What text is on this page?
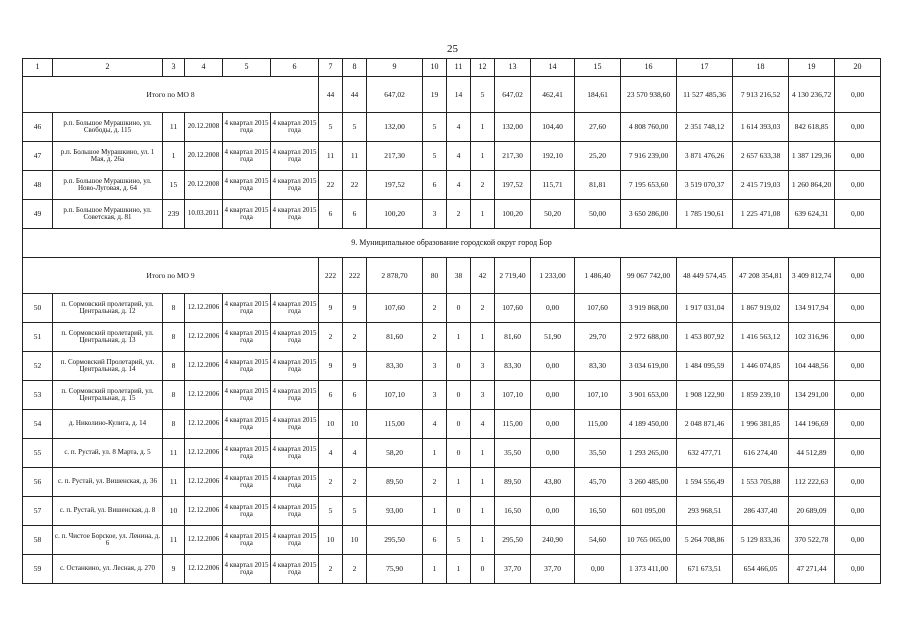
25
1	2	3	4	5	6	7	8	9	10	11	12	13	14	15	16	17	18	19	20
Итого по МО 8						44	44	647,02	19	14	5	647,02	462,41	184,61	23 570 938,60	11 527 485,36	7 913 216,52	4 130 236,72	0,00
46	р.п. Большое Мурашкино, ул. Свободы, д. 115	11	20.12.2008	4 квартал 2015 года	4 квартал 2015 года	5	5	132,00	5	4	1	132,00	104,40	27,60	4 808 760,00	2 351 748,12	1 614 393,03	842 618,85	0,00
47	р.п. Большое Мурашкино, ул. 1 Мая, д. 26а	1	20.12.2008	4 квартал 2015 года	4 квартал 2015 года	11	11	217,30	5	4	1	217,30	192,10	25,20	7 916 239,00	3 871 476,26	2 657 633,38	1 387 129,36	0,00
48	р.п. Большое Мурашкино, ул. Ново-Луговая, д. 64	15	20.12.2008	4 квартал 2015 года	4 квартал 2015 года	22	22	197,52	6	4	2	197,52	115,71	81,81	7 195 653,60	3 519 070,37	2 415 719,03	1 260 864,20	0,00
49	р.п. Большое Мурашкино, ул. Советская, д. 81	239	10.03.2011	4 квартал 2015 года	4 квартал 2015 года	6	6	100,20	3	2	1	100,20	50,20	50,00	3 650 286,00	1 785 190,61	1 225 471,08	639 624,31	0,00
9. Муниципальное образование городской округ город Бор																			
Итого по МО 9						222	222	2 878,70	80	38	42	2 719,40	1 233,00	1 486,40	99 067 742,00	48 449 574,45	47 208 354,81	3 409 812,74	0,00
50	п. Сормовский пролетарий, ул. Центральная, д. 12	8	12.12.2006	4 квартал 2015 года	4 квартал 2015 года	9	9	107,60	2	0	2	107,60	0,00	107,60	3 919 868,00	1 917 031,04	1 867 919,02	134 917,94	0,00
51	п. Сормовский пролетарий, ул. Центральная, д. 13	8	12.12.2006	4 квартал 2015 года	4 квартал 2015 года	2	2	81,60	2	1	1	81,60	51,90	29,70	2 972 688,00	1 453 807,92	1 416 563,12	102 316,96	0,00
52	п. Сормовский Пролетарий, ул. Центральная, д. 14	8	12.12.2006	4 квартал 2015 года	4 квартал 2015 года	9	9	83,30	3	0	3	83,30	0,00	83,30	3 034 619,00	1 484 095,59	1 446 074,85	104 448,56	0,00
53	п. Сормовский пролетарий, ул. Центральная, д. 15	8	12.12.2006	4 квартал 2015 года	4 квартал 2015 года	6	6	107,10	3	0	3	107,10	0,00	107,10	3 901 653,00	1 908 122,90	1 859 239,10	134 291,00	0,00
54	д. Николино-Кулига, д. 14	8	12.12.2006	4 квартал 2015 года	4 квартал 2015 года	10	10	115,00	4	0	4	115,00	0,00	115,00	4 189 450,00	2 048 871,46	1 996 381,85	144 196,69	0,00
55	с. п. Рустай, ул. 8 Марта, д. 5	11	12.12.2006	4 квартал 2015 года	4 квартал 2015 года	4	4	58,20	1	0	1	35,50	0,00	35,50	1 293 265,00	632 477,71	616 274,40	44 512,89	0,00
56	с. п. Рустай, ул. Вишенская, д. 36	11	12.12.2006	4 квартал 2015 года	4 квартал 2015 года	2	2	89,50	2	1	1	89,50	43,80	45,70	3 260 485,00	1 594 556,49	1 553 705,88	112 222,63	0,00
57	с. п. Рустай, ул. Вишенская, д. 8	10	12.12.2006	4 квартал 2015 года	4 квартал 2015 года	5	5	93,00	1	0	1	16,50	0,00	16,50	601 095,00	293 968,51	286 437,40	20 689,09	0,00
58	с. п. Чистое Борское, ул. Ленина, д. 6	11	12.12.2006	4 квартал 2015 года	4 квартал 2015 года	10	10	295,50	6	5	1	295,50	240,90	54,60	10 765 065,00	5 264 708,86	5 129 833,36	370 522,78	0,00
59	с. Останкино, ул. Лесная, д. 270	9	12.12.2006	4 квартал 2015 года	4 квартал 2015 года	2	2	75,90	1	1	0	37,70	37,70	0,00	1 373 411,00	671 673,51	654 466,05	47 271,44	0,00
